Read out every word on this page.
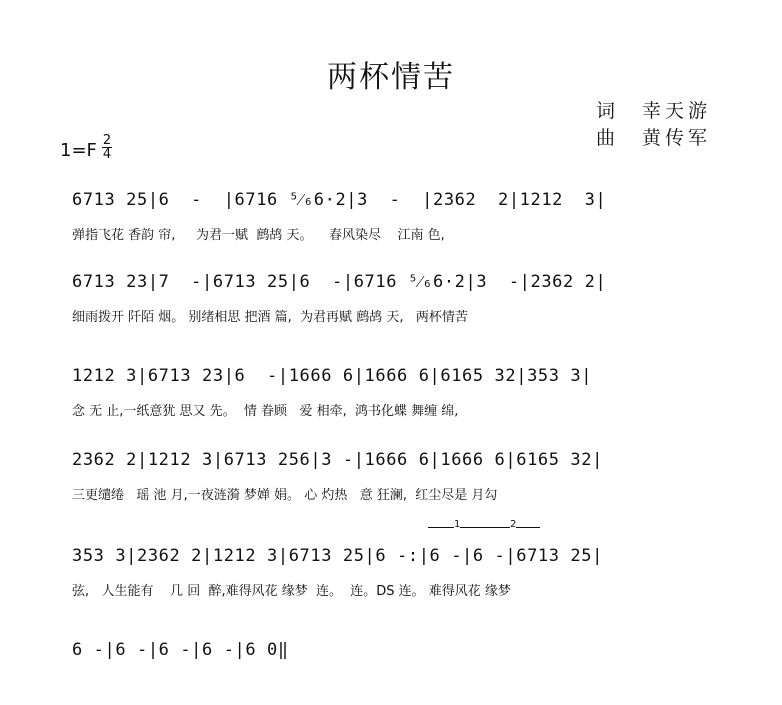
两杯情苦
词　幸天游
曲　黄传军
1=F 2
4
6713 25|6  -  |6716 ⁵⁄₆6·2|3  -  |2362  2|1212  3|
弹指飞花 香韵 帘,     为君一赋  鹧鸪 天。    春风染尽    江南 色,
6713 23|7  -|6713 25|6  -|6716 ⁵⁄₆6·2|3  -|2362 2|
细雨拨开 阡陌 烟。 别绪相思 把酒 篇,  为君再赋 鹧鸪 天,   两杯情苦
1212 3|6713 23|6  -|1666 6|1666 6|6165 32|353 3|
念 无 止,一纸意犹 思又 先。  情 眷顾   爱 相牵,  鸿书化蝶 舞缠 绵,
2362 2|1212 3|6713 256|3 -|1666 6|1666 6|6165 32|
三更缱绻   瑶 池 月,一夜涟漪 梦婵 娟。 心 灼热   意 狂澜,  红尘尽是 月勾
1	2
353 3|2362 2|1212 3|6713 25|6 -:|6 -|6 -|6713 25|
弦,   人生能有    几 回  醉,难得风花 缘梦  连。  连。DS 连。 难得风花 缘梦
6 -|6 -|6 -|6 -|6 0‖
